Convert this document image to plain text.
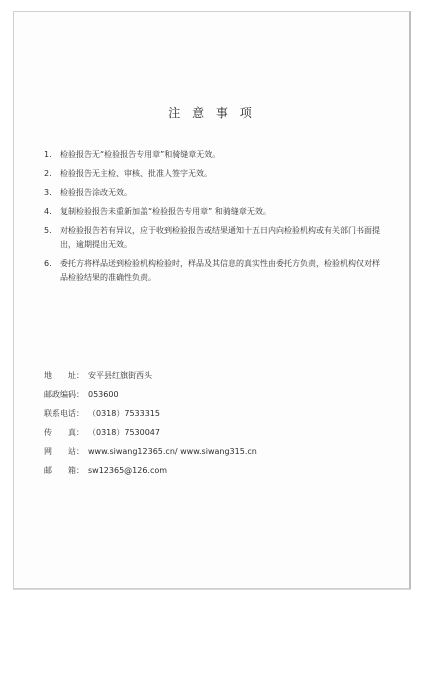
注 意 事 项
1.	检验报告无“检验报告专用章”和骑缝章无效。
2.	检验报告无主检、审核、批准人签字无效。
3.	检验报告涂改无效。
4.	复制检验报告未重新加盖“检验报告专用章” 和骑缝章无效。
5.	对检验报告若有异议，应于收到检验报告或结果通知十五日内向检验机构或有关部门书面提出，逾期提出无效。
6.	委托方将样品送到检验机构检验时，样品及其信息的真实性由委托方负责，检验机构仅对样品检验结果的准确性负责。
地　　址： 安平县红旗街西头
邮政编码： 053600
联系电话： （0318）7533315
传　　真： （0318）7530047
网　　站： www.siwang12365.cn/ www.siwang315.cn
邮　　箱： sw12365@126.com
